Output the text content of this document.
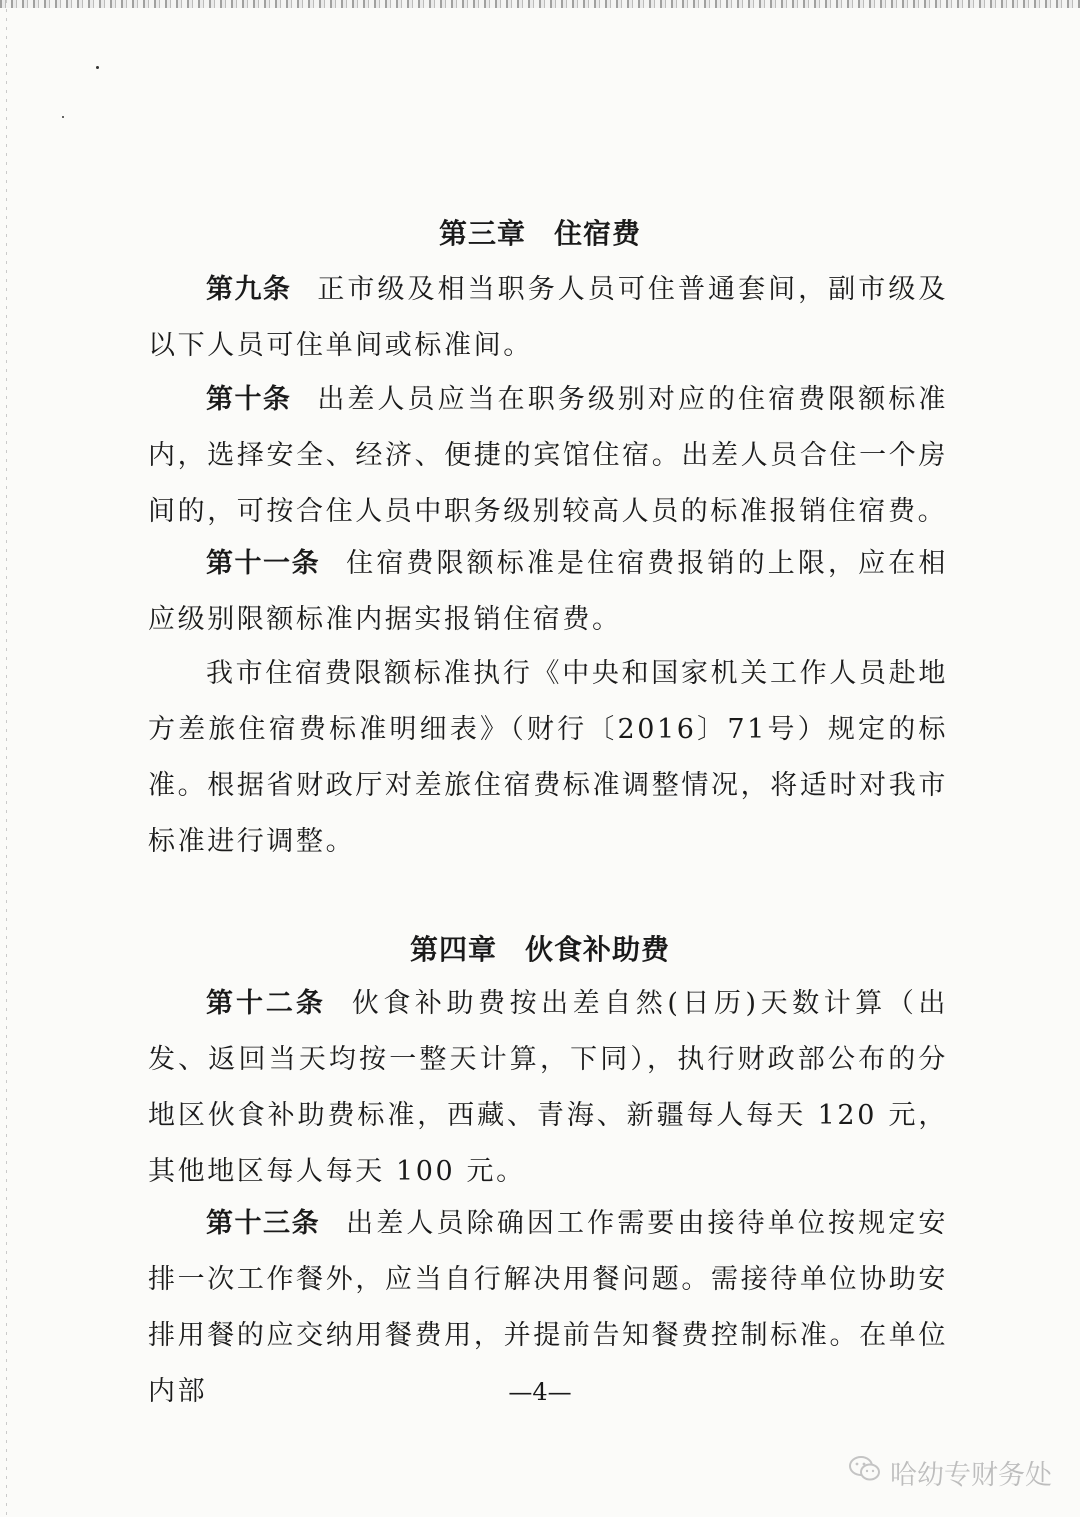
第三章 住宿费
第九条 正市级及相当职务人员可住普通套间，副市级及以下人员可住单间或标准间。
第十条 出差人员应当在职务级别对应的住宿费限额标准内，选择安全、经济、便捷的宾馆住宿。出差人员合住一个房间的，可按合住人员中职务级别较高人员的标准报销住宿费。
第十一条 住宿费限额标准是住宿费报销的上限，应在相应级别限额标准内据实报销住宿费。
我市住宿费限额标准执行《中央和国家机关工作人员赴地方差旅住宿费标准明细表》（财行〔2016〕71号）规定的标准。根据省财政厅对差旅住宿费标准调整情况，将适时对我市标准进行调整。
第四章 伙食补助费
第十二条 伙食补助费按出差自然(日历)天数计算（出发、返回当天均按一整天计算，下同），执行财政部公布的分地区伙食补助费标准，西藏、青海、新疆每人每天 120 元，其他地区每人每天 100 元。
第十三条 出差人员除确因工作需要由接待单位按规定安排一次工作餐外，应当自行解决用餐问题。需接待单位协助安排用餐的应交纳用餐费用，并提前告知餐费控制标准。在单位内部	—4—
哈幼专财务处
